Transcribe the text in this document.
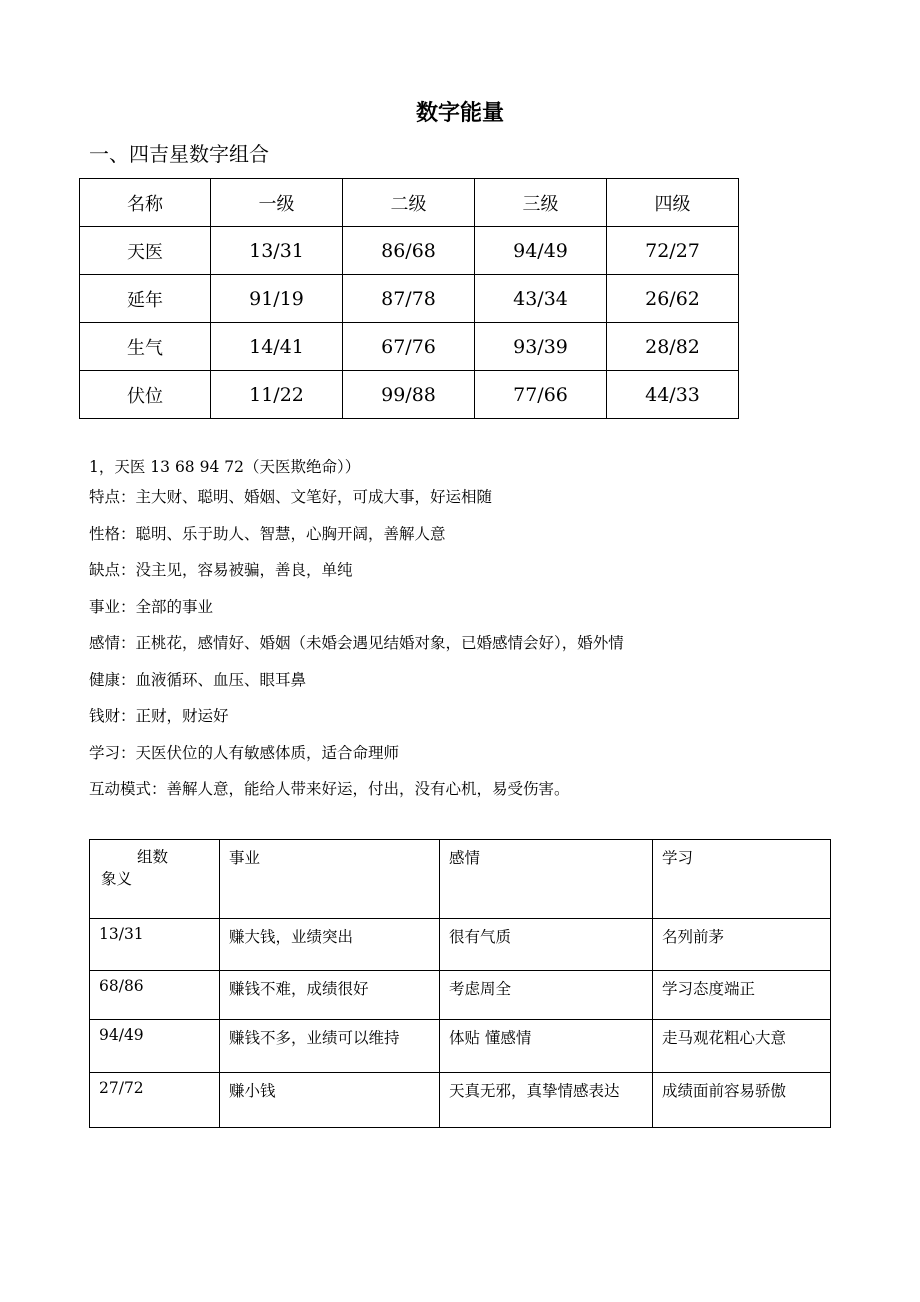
数字能量
一、四吉星数字组合
名称	一级	二级	三级	四级
天医	13/31	86/68	94/49	72/27
延年	91/19	87/78	43/34	26/62
生气	14/41	67/76	93/39	28/82
伏位	11/22	99/88	77/66	44/33
1，天医 13 68 94 72（天医欺绝命））
特点：主大财、聪明、婚姻、文笔好，可成大事，好运相随
性格：聪明、乐于助人、智慧，心胸开阔，善解人意
缺点：没主见，容易被骗，善良，单纯
事业：全部的事业
感情：正桃花，感情好、婚姻（未婚会遇见结婚对象，已婚感情会好），婚外情
健康：血液循环、血压、眼耳鼻
钱财：正财，财运好
学习：天医伏位的人有敏感体质，适合命理师
互动模式：善解人意，能给人带来好运，付出，没有心机，易受伤害。
组数
象义	事业	感情	学习
13/31	赚大钱，业绩突出	很有气质	名列前茅
68/86	赚钱不难，成绩很好	考虑周全	学习态度端正
94/49	赚钱不多，业绩可以维持	体贴 懂感情	走马观花粗心大意
27/72	赚小钱	天真无邪，真挚情感表达	成绩面前容易骄傲
